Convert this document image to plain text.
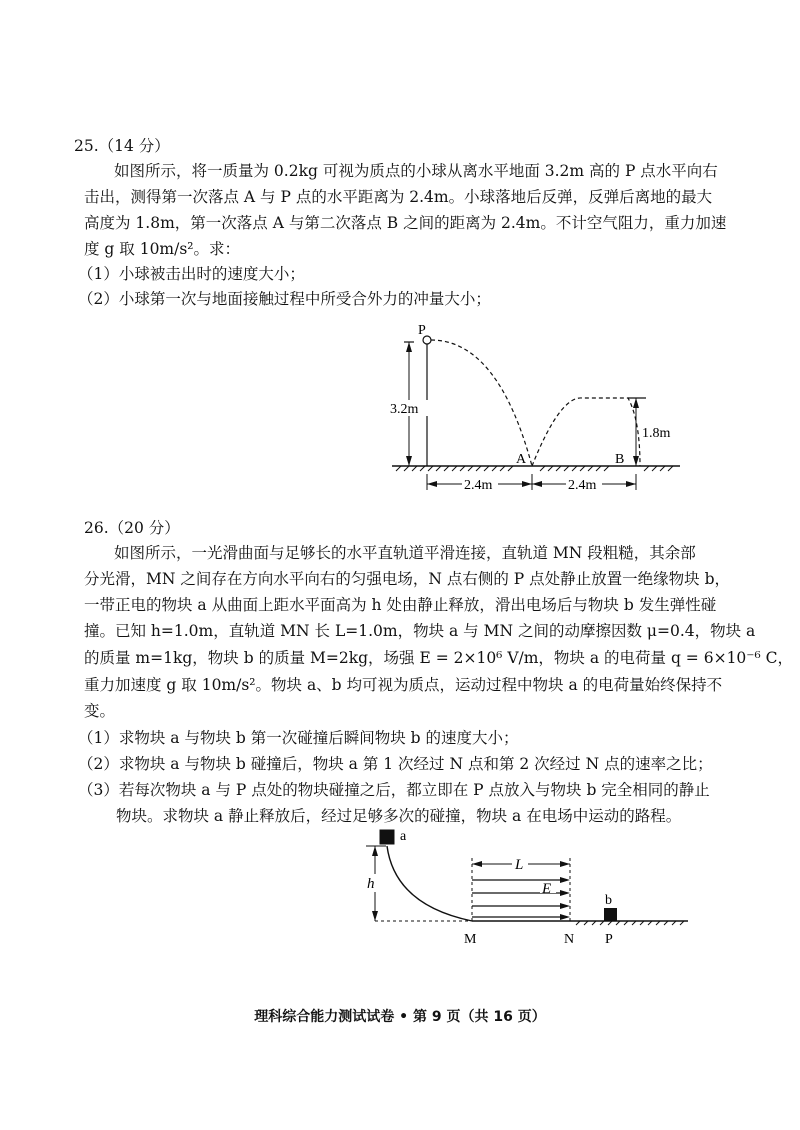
25.（14 分）
如图所示，将一质量为 0.2kg 可视为质点的小球从离水平地面 3.2m 高的 P 点水平向右
击出，测得第一次落点 A 与 P 点的水平距离为 2.4m。小球落地后反弹，反弹后离地的最大
高度为 1.8m，第一次落点 A 与第二次落点 B 之间的距离为 2.4m。不计空气阻力，重力加速
度 g 取 10m/s²。求：
（1）小球被击出时的速度大小；
（2）小球第一次与地面接触过程中所受合外力的冲量大小；
P
3.2m
1.8m
A	B
2.4m	2.4m
26.（20 分）
如图所示，一光滑曲面与足够长的水平直轨道平滑连接，直轨道 MN 段粗糙，其余部
分光滑，MN 之间存在方向水平向右的匀强电场，N 点右侧的 P 点处静止放置一绝缘物块 b，
一带正电的物块 a 从曲面上距水平面高为 h 处由静止释放，滑出电场后与物块 b 发生弹性碰
撞。已知 h=1.0m，直轨道 MN 长 L=1.0m，物块 a 与 MN 之间的动摩擦因数 μ=0.4，物块 a
的质量 m=1kg，物块 b 的质量 M=2kg，场强 E = 2×10⁶ V/m，物块 a 的电荷量 q = 6×10⁻⁶ C，
重力加速度 g 取 10m/s²。物块 a、b 均可视为质点，运动过程中物块 a 的电荷量始终保持不
变。
（1）求物块 a 与物块 b 第一次碰撞后瞬间物块 b 的速度大小；
（2）求物块 a 与物块 b 碰撞后，物块 a 第 1 次经过 N 点和第 2 次经过 N 点的速率之比；
（3）若每次物块 a 与 P 点处的物块碰撞之后，都立即在 P 点放入与物块 b 完全相同的静止
物块。求物块 a 静止释放后，经过足够多次的碰撞，物块 a 在电场中运动的路程。
a
h
L
E
b
M	N P
理科综合能力测试试卷 • 第 9 页（共 16 页）
